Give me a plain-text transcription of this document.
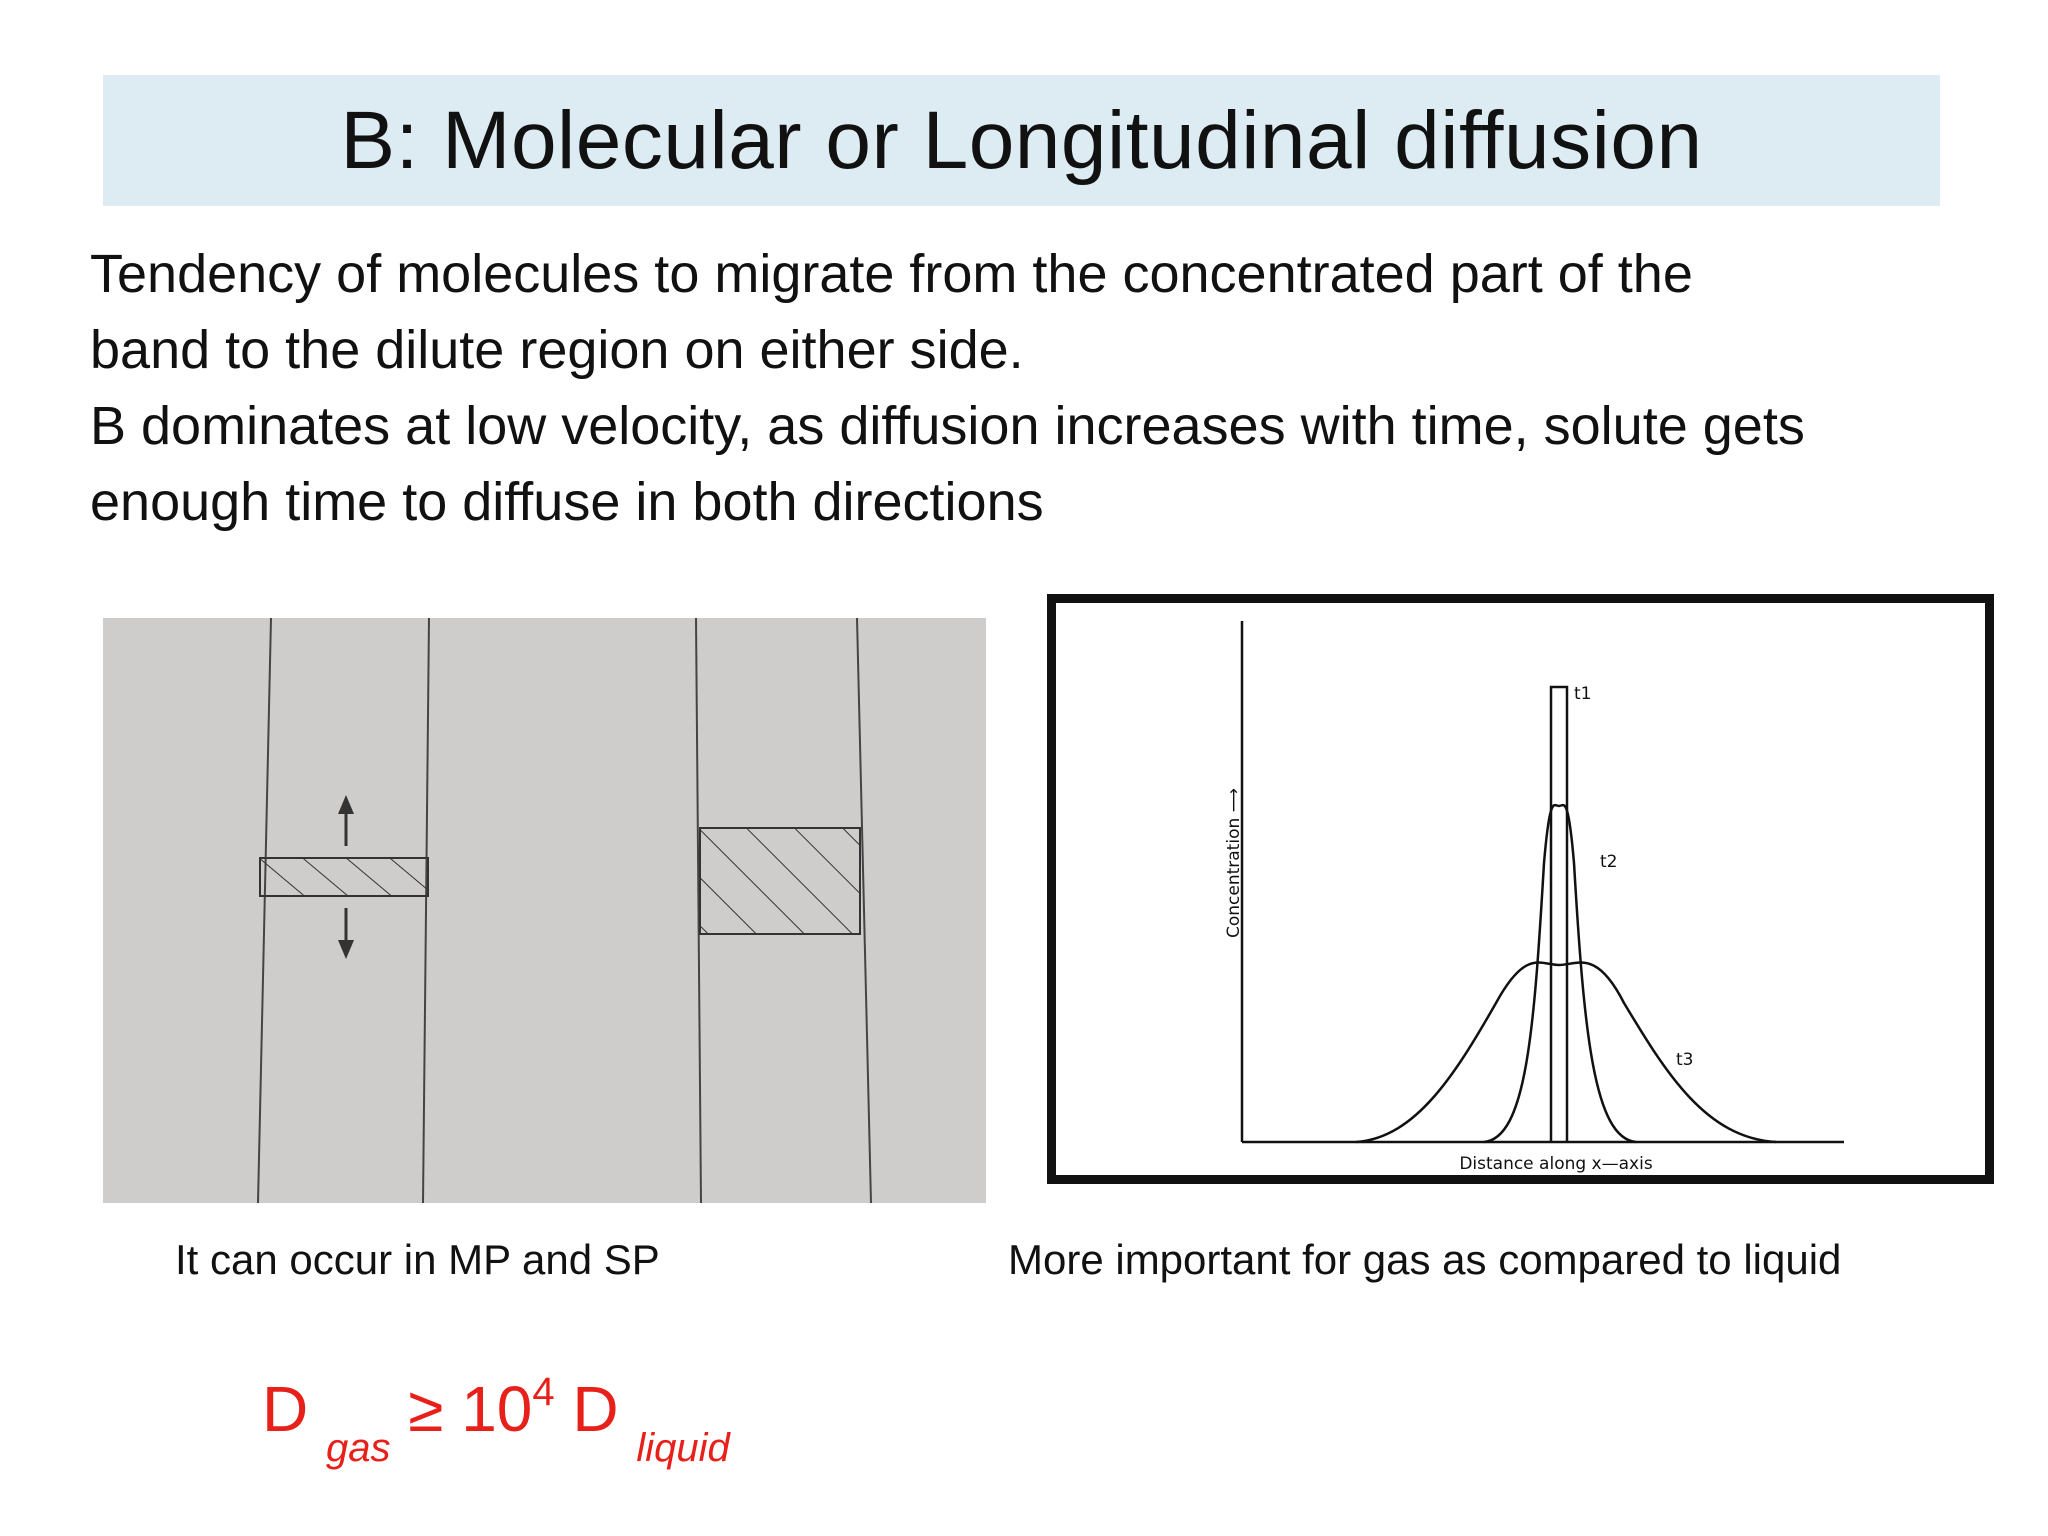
B: Molecular or Longitudinal diffusion
Tendency of molecules to migrate from the concentrated part of the
band to the dilute region on either side.
B dominates at low velocity, as diffusion increases with time, solute gets
enough time to diffuse in both directions
Concentration ⟶
Distance along x—axis
t1
t2
t3
It can occur in MP and SP	More important for gas as compared to liquid
D $_{gas} \ge 10^4$ D $_{liquid}$
